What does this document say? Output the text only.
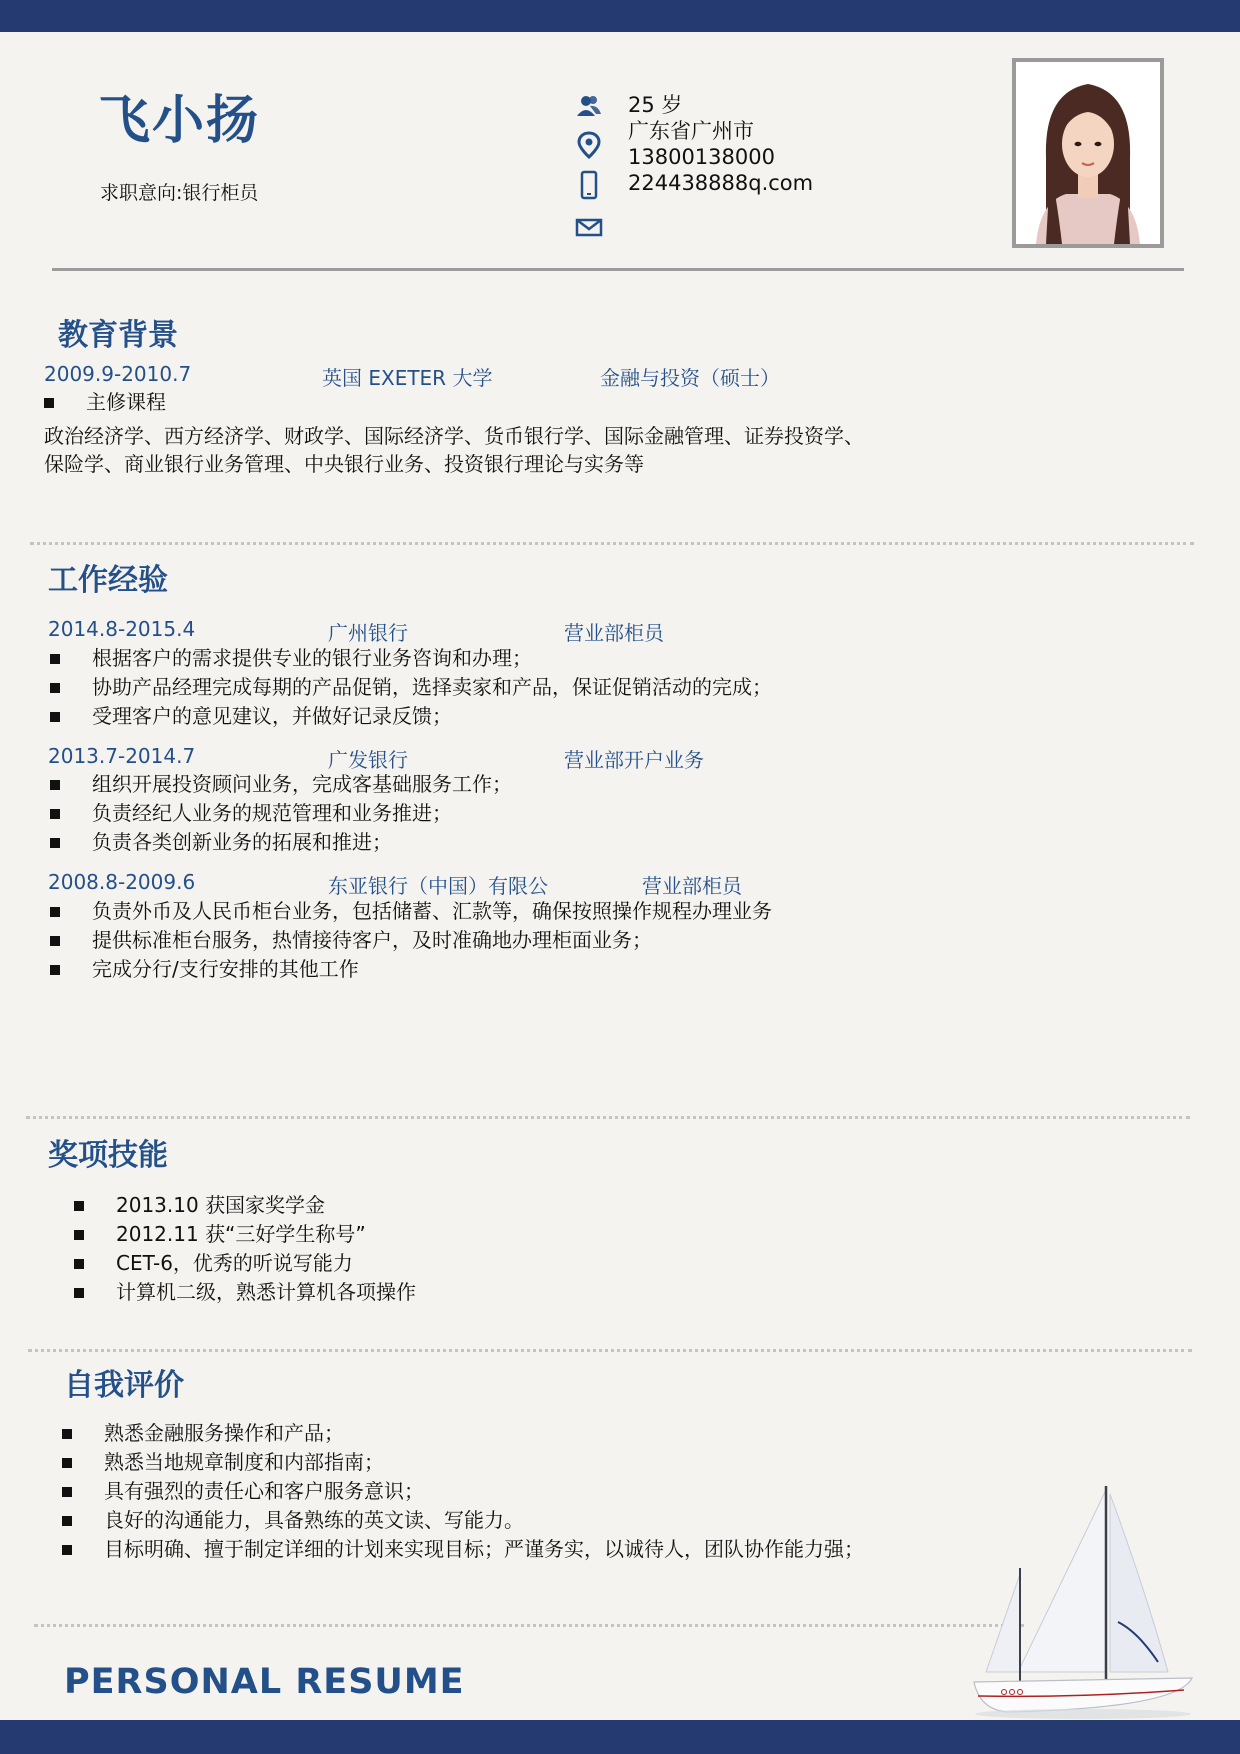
飞小扬
求职意向:银行柜员
25 岁
广东省广州市
13800138000
224438888q.com
教育背景
2009.9-2010.7	英国 EXETER 大学	金融与投资（硕士）
主修课程
政治经济学、西方经济学、财政学、国际经济学、货币银行学、国际金融管理、证券投资学、
保险学、商业银行业务管理、中央银行业务、投资银行理论与实务等
工作经验
2014.8-2015.4	广州银行	营业部柜员
根据客户的需求提供专业的银行业务咨询和办理；
协助产品经理完成每期的产品促销，选择卖家和产品，保证促销活动的完成；
受理客户的意见建议，并做好记录反馈；
2013.7-2014.7	广发银行	营业部开户业务
组织开展投资顾问业务，完成客基础服务工作；
负责经纪人业务的规范管理和业务推进；
负责各类创新业务的拓展和推进；
2008.8-2009.6	东亚银行（中国）有限公	营业部柜员
负责外币及人民币柜台业务，包括储蓄、汇款等，确保按照操作规程办理业务
提供标准柜台服务，热情接待客户，及时准确地办理柜面业务；
完成分行/支行安排的其他工作
奖项技能
2013.10 获国家奖学金
2012.11 获“三好学生称号”
CET-6，优秀的听说写能力
计算机二级，熟悉计算机各项操作
自我评价
熟悉金融服务操作和产品；
熟悉当地规章制度和内部指南；
具有强烈的责任心和客户服务意识；
良好的沟通能力，具备熟练的英文读、写能力。
目标明确、擅于制定详细的计划来实现目标；严谨务实，以诚待人，团队协作能力强；
PERSONAL RESUME
